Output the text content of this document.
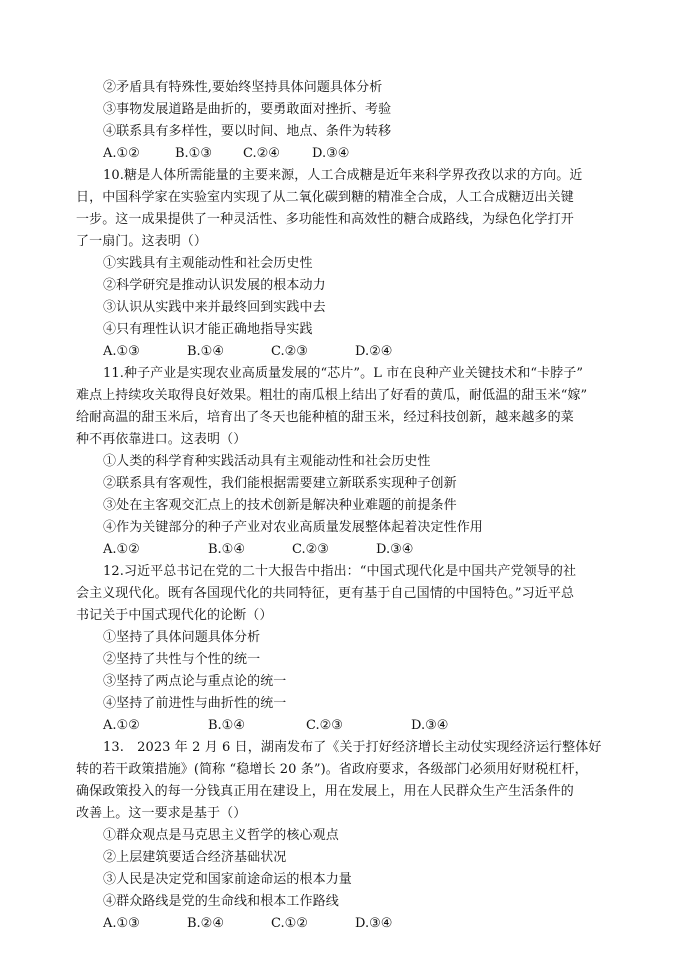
②矛盾具有特殊性,要始终坚持具体问题具体分析
③事物发展道路是曲折的，要勇敢面对挫折、考验
④联系具有多样性，要以时间、地点、条件为转移
A.①②	B.①③ C.②④ D.③④
10.糖是人体所需能量的主要来源，人工合成糖是近年来科学界孜孜以求的方向。近
日，中国科学家在实验室内实现了从二氧化碳到糖的精准全合成，人工合成糖迈出关键
一步。这一成果提供了一种灵活性、多功能性和高效性的糖合成路线，为绿色化学打开
了一扇门。这表明（）
①实践具有主观能动性和社会历史性
②科学研究是推动认识发展的根本动力
③认识从实践中来并最终回到实践中去
④只有理性认识才能正确地指导实践
A.①③	B.①④	C.②③	D.②④
11.种子产业是实现农业高质量发展的“芯片”。L 市在良种产业关键技术和“卡脖子”
难点上持续攻关取得良好效果。粗壮的南瓜根上结出了好看的黄瓜，耐低温的甜玉米“嫁”
给耐高温的甜玉米后，培育出了冬天也能种植的甜玉米，经过科技创新，越来越多的菜
种不再依靠进口。这表明（）
①人类的科学育种实践活动具有主观能动性和社会历史性
②联系具有客观性，我们能根据需要建立新联系实现种子创新
③处在主客观交汇点上的技术创新是解决种业难题的前提条件
④作为关键部分的种子产业对农业高质量发展整体起着决定性作用
A.①②	B.①④	C.②③	D.③④
12.习近平总书记在党的二十大报告中指出：“中国式现代化是中国共产党领导的社
会主义现代化。既有各国现代化的共同特征，更有基于自己国情的中国特色。”习近平总
书记关于中国式现代化的论断（）
①坚持了具体问题具体分析
②坚持了共性与个性的统一
③坚持了两点论与重点论的统一
④坚持了前进性与曲折性的统一
A.①②	B.①④	C.②③	D.③④
13.　2023 年 2 月 6 日，湖南发布了《关于打好经济增长主动仗实现经济运行整体好
转的若干政策措施》(简称 “稳增长 20 条”)。省政府要求，各级部门必须用好财税杠杆，
确保政策投入的每一分钱真正用在建设上，用在发展上，用在人民群众生产生活条件的
改善上。这一要求是基于（）
①群众观点是马克思主义哲学的核心观点
②上层建筑要适合经济基础状况
③人民是决定党和国家前途命运的根本力量
④群众路线是党的生命线和根本工作路线
A.①③	B.②④	C.①②	D.③④
